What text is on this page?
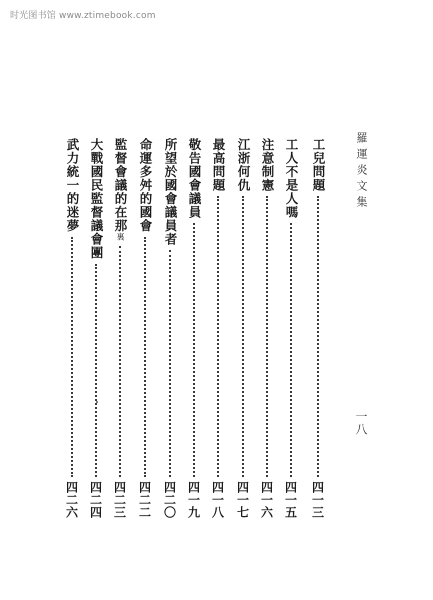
时光图书馆 www.ztimebook.com
羅運炎文集
一八
工兒問題
四一三
工人不是人嗎
四一五
注意制憲
四一六
江浙何仇
四一七
最高問題
四一八
敬告國會議員
四一九
所望於國會議員者
四二〇
命運多舛的國會
四二二
監督會議的在那裏
四二三
大戰國民監督議會團
四二四
武力統一的迷夢
四二六
